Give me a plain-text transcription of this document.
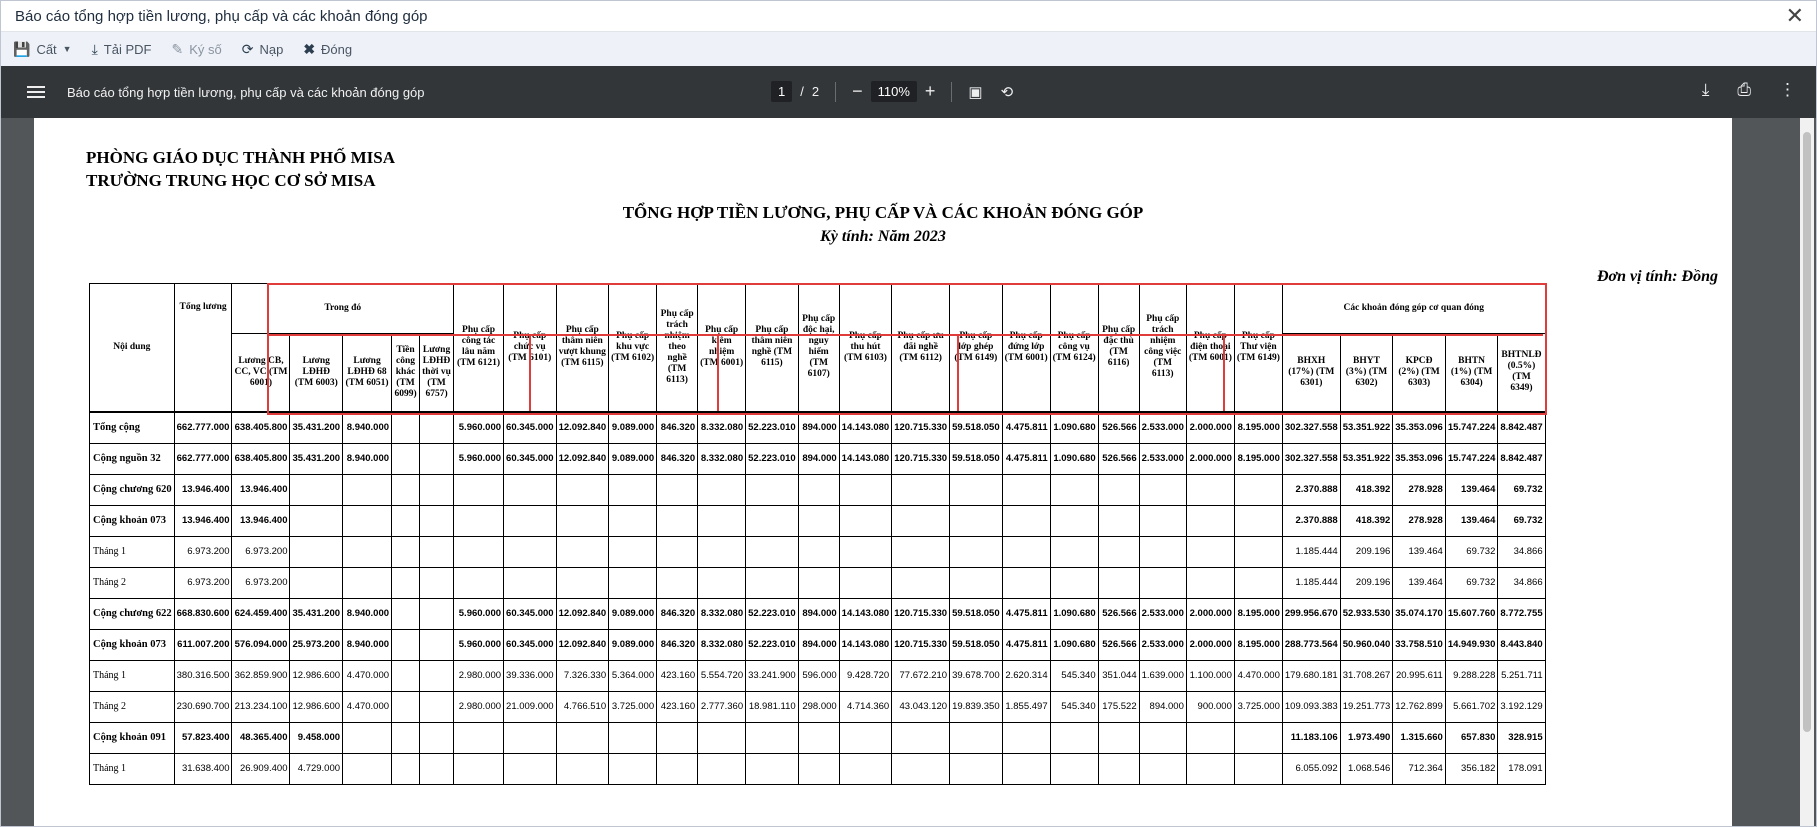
Báo cáo tổng hợp tiền lương, phụ cấp và các khoản đóng góp	✕
💾 Cất ▼ ⤓ Tải PDF ✎ Ký số ⟳ Nạp ✖ Đóng
Báo cáo tổng hợp tiền lương, phụ cấp và các khoản đóng góp	1	/ 2 −	110% + ▣ ⟲	⤓ ⎙ ⋮
PHÒNG GIÁO DỤC THÀNH PHỐ MISA
TRƯỜNG TRUNG HỌC CƠ SỞ MISA
TỔNG HỢP TIỀN LƯƠNG, PHỤ CẤP VÀ CÁC KHOẢN ĐÓNG GÓP
Kỳ tính: Năm 2023
Đơn vị tính: Đồng
Nội dung	Tổng lương	Trong đó					Phụ cấp công tác lâu năm (TM 6121)	Phụ cấp chức vụ (TM 6101)	Phụ cấp thâm niên vượt khung (TM 6115)	Phụ cấp khu vực (TM 6102)	Phụ cấp trách nhiệm theo nghề (TM 6113)	Phụ cấp kiêm nhiệm (TM 6001)	Phụ cấp thâm niên nghề (TM 6115)	Phụ cấp độc hại, nguy hiểm (TM 6107)	Phụ cấp thu hút (TM 6103)	Phụ cấp ưu đãi nghề (TM 6112)	Phụ cấp lớp ghép (TM 6149)	Phụ cấp đứng lớp (TM 6001)	Phụ cấp công vụ (TM 6124)	Phụ cấp đặc thù (TM 6116)	Phụ cấp trách nhiệm công việc (TM 6113)	Phụ cấp điện thoại (TM 6001)	Phụ cấp Thư viện (TM 6149)	Các khoản đóng góp cơ quan đóng				
		Lương CB, CC, VC (TM 6001)	Lương LĐHĐ (TM 6003)	Lương LĐHĐ 68 (TM 6051)	Tiền công khác (TM 6099)	Lương LĐHĐ thời vụ (TM 6757)																		BHXH (17%) (TM 6301)	BHYT (3%) (TM 6302)	KPCĐ (2%) (TM 6303)	BHTN (1%) (TM 6304)	BHTNLĐ (0.5%) (TM 6349)
Tổng cộng	662.777.000	638.405.800	35.431.200	8.940.000			5.960.000	60.345.000	12.092.840	9.089.000	846.320	8.332.080	52.223.010	894.000	14.143.080	120.715.330	59.518.050	4.475.811	1.090.680	526.566	2.533.000	2.000.000	8.195.000	302.327.558	53.351.922	35.353.096	15.747.224	8.842.487
Cộng nguồn 32	662.777.000	638.405.800	35.431.200	8.940.000			5.960.000	60.345.000	12.092.840	9.089.000	846.320	8.332.080	52.223.010	894.000	14.143.080	120.715.330	59.518.050	4.475.811	1.090.680	526.566	2.533.000	2.000.000	8.195.000	302.327.558	53.351.922	35.353.096	15.747.224	8.842.487
Cộng chương 620	13.946.400	13.946.400																						2.370.888	418.392	278.928	139.464	69.732
Cộng khoản 073	13.946.400	13.946.400																						2.370.888	418.392	278.928	139.464	69.732
Tháng 1	6.973.200	6.973.200																						1.185.444	209.196	139.464	69.732	34.866
Tháng 2	6.973.200	6.973.200																						1.185.444	209.196	139.464	69.732	34.866
Cộng chương 622	668.830.600	624.459.400	35.431.200	8.940.000			5.960.000	60.345.000	12.092.840	9.089.000	846.320	8.332.080	52.223.010	894.000	14.143.080	120.715.330	59.518.050	4.475.811	1.090.680	526.566	2.533.000	2.000.000	8.195.000	299.956.670	52.933.530	35.074.170	15.607.760	8.772.755
Cộng khoản 073	611.007.200	576.094.000	25.973.200	8.940.000			5.960.000	60.345.000	12.092.840	9.089.000	846.320	8.332.080	52.223.010	894.000	14.143.080	120.715.330	59.518.050	4.475.811	1.090.680	526.566	2.533.000	2.000.000	8.195.000	288.773.564	50.960.040	33.758.510	14.949.930	8.443.840
Tháng 1	380.316.500	362.859.900	12.986.600	4.470.000			2.980.000	39.336.000	7.326.330	5.364.000	423.160	5.554.720	33.241.900	596.000	9.428.720	77.672.210	39.678.700	2.620.314	545.340	351.044	1.639.000	1.100.000	4.470.000	179.680.181	31.708.267	20.995.611	9.288.228	5.251.711
Tháng 2	230.690.700	213.234.100	12.986.600	4.470.000			2.980.000	21.009.000	4.766.510	3.725.000	423.160	2.777.360	18.981.110	298.000	4.714.360	43.043.120	19.839.350	1.855.497	545.340	175.522	894.000	900.000	3.725.000	109.093.383	19.251.773	12.762.899	5.661.702	3.192.129
Cộng khoản 091	57.823.400	48.365.400	9.458.000																					11.183.106	1.973.490	1.315.660	657.830	328.915
Tháng 1	31.638.400	26.909.400	4.729.000																					6.055.092	1.068.546	712.364	356.182	178.091
